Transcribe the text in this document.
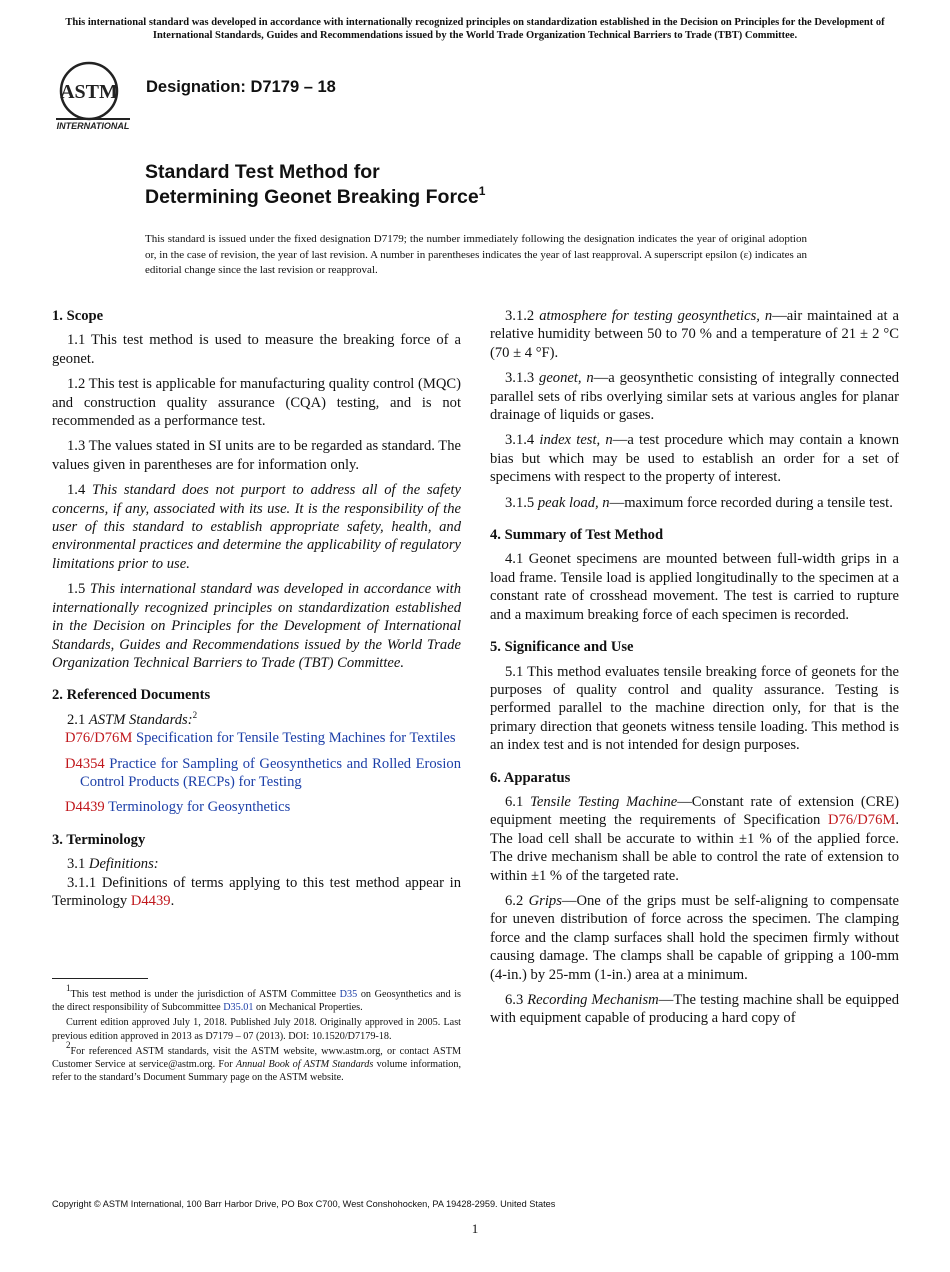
This international standard was developed in accordance with internationally recognized principles on standardization established in the Decision on Principles for the Development of International Standards, Guides and Recommendations issued by the World Trade Organization Technical Barriers to Trade (TBT) Committee.
ASTM
INTERNATIONAL
Designation: D7179 – 18
Standard Test Method for
Determining Geonet Breaking Force$^1$
This standard is issued under the fixed designation D7179; the number immediately following the designation indicates the year of original adoption or, in the case of revision, the year of last revision. A number in parentheses indicates the year of last reapproval. A superscript epsilon (ε) indicates an editorial change since the last revision or reapproval.
1. Scope

1.1 This test method is used to measure the breaking force of a geonet.

1.2 This test is applicable for manufacturing quality control (MQC) and construction quality assurance (CQA) testing, and is not recommended as a performance test.

1.3 The values stated in SI units are to be regarded as standard. The values given in parentheses are for information only.

1.4 This standard does not purport to address all of the safety concerns, if any, associated with its use. It is the responsibility of the user of this standard to establish appropriate safety, health, and environmental practices and determine the applicability of regulatory limitations prior to use.

1.5 This international standard was developed in accordance with internationally recognized principles on standardization established in the Decision on Principles for the Development of International Standards, Guides and Recommendations issued by the World Trade Organization Technical Barriers to Trade (TBT) Committee.

2. Referenced Documents

2.1 ASTM Standards:$^2$

D76/D76M Specification for Tensile Testing Machines for Textiles

D4354 Practice for Sampling of Geosynthetics and Rolled Erosion Control Products (RECPs) for Testing

D4439 Terminology for Geosynthetics

3. Terminology

3.1 Definitions:

3.1.1 Definitions of terms applying to this test method appear in Terminology D4439.

$^1$This test method is under the jurisdiction of ASTM Committee D35 on Geosynthetics and is the direct responsibility of Subcommittee D35.01 on Mechanical Properties.

Current edition approved July 1, 2018. Published July 2018. Originally approved in 2005. Last previous edition approved in 2013 as D7179 – 07 (2013). DOI: 10.1520/D7179-18.

$^2$For referenced ASTM standards, visit the ASTM website, www.astm.org, or contact ASTM Customer Service at service@astm.org. For Annual Book of ASTM Standards volume information, refer to the standard’s Document Summary page on the ASTM website.

3.1.2 atmosphere for testing geosynthetics, n—air maintained at a relative humidity between 50 to 70 % and a temperature of 21 ± 2 °C (70 ± 4 °F).

3.1.3 geonet, n—a geosynthetic consisting of integrally connected parallel sets of ribs overlying similar sets at various angles for planar drainage of liquids or gases.

3.1.4 index test, n—a test procedure which may contain a known bias but which may be used to establish an order for a set of specimens with respect to the property of interest.

3.1.5 peak load, n—maximum force recorded during a tensile test.

4. Summary of Test Method

4.1 Geonet specimens are mounted between full-width grips in a load frame. Tensile load is applied longitudinally to the specimen at a constant rate of crosshead movement. The test is carried to rupture and a maximum breaking force of each specimen is recorded.

5. Significance and Use

5.1 This method evaluates tensile breaking force of geonets for the purposes of quality control and quality assurance. Testing is performed parallel to the machine direction only, for that is the primary direction that geonets witness tensile loading. This method is an index test and is not intended for design purposes.

6. Apparatus

6.1 Tensile Testing Machine—Constant rate of extension (CRE) equipment meeting the requirements of Specification D76/D76M. The load cell shall be accurate to within ±1 % of the applied force. The drive mechanism shall be able to control the rate of extension to within ±1 % of the targeted rate.

6.2 Grips—One of the grips must be self-aligning to compensate for uneven distribution of force across the specimen. The clamping force and the clamp surfaces shall hold the specimen firmly without causing damage. The clamps shall be capable of gripping a 100-mm (4-in.) by 25-mm (1-in.) area at a minimum.

6.3 Recording Mechanism—The testing machine shall be equipped with equipment capable of producing a hard copy of

Copyright © ASTM International, 100 Barr Harbor Drive, PO Box C700, West Conshohocken, PA 19428-2959. United States
1
